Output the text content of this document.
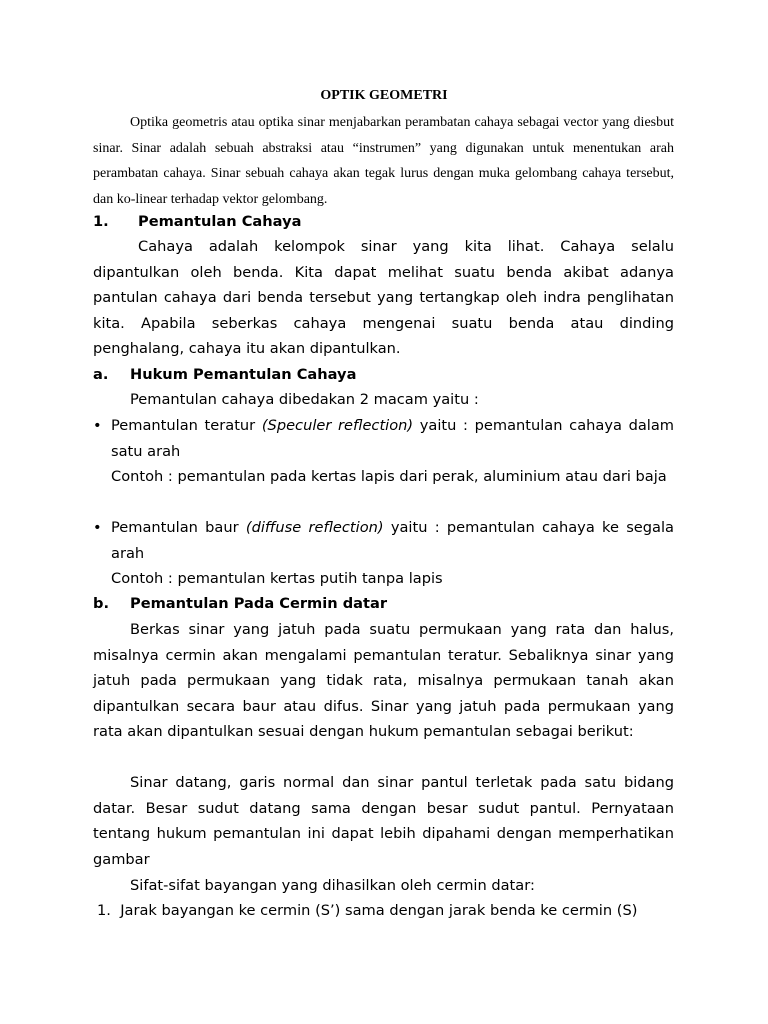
OPTIK GEOMETRI
Optika geometris atau optika sinar menjabarkan perambatan cahaya sebagai vector yang diesbut sinar. Sinar adalah sebuah abstraksi atau “instrumen” yang digunakan untuk menentukan arah perambatan cahaya. Sinar sebuah cahaya akan tegak lurus dengan muka gelombang cahaya tersebut, dan ko-linear terhadap vektor gelombang.
1. Pemantulan Cahaya
Cahaya adalah kelompok sinar yang kita lihat. Cahaya selalu dipantulkan oleh benda. Kita dapat melihat suatu benda akibat adanya pantulan cahaya dari benda tersebut yang tertangkap oleh indra penglihatan kita. Apabila seberkas cahaya mengenai suatu benda atau dinding penghalang, cahaya itu akan dipantulkan.
a. Hukum Pemantulan Cahaya
Pemantulan cahaya dibedakan 2 macam yaitu :
• Pemantulan teratur (Speculer reflection) yaitu : pemantulan cahaya dalam satu arah
Contoh : pemantulan pada kertas lapis dari perak, aluminium atau dari baja
• Pemantulan baur (diffuse reflection) yaitu : pemantulan cahaya ke segala arah
Contoh : pemantulan kertas putih tanpa lapis
b. Pemantulan Pada Cermin datar
Berkas sinar yang jatuh pada suatu permukaan yang rata dan halus, misalnya cermin akan mengalami pemantulan teratur. Sebaliknya sinar yang jatuh pada permukaan yang tidak rata, misalnya permukaan tanah akan dipantulkan secara baur atau difus. Sinar yang jatuh pada permukaan yang rata akan dipantulkan sesuai dengan hukum pemantulan sebagai berikut:
Sinar datang, garis normal dan sinar pantul terletak pada satu bidang datar. Besar sudut datang sama dengan besar sudut pantul. Pernyataan tentang hukum pemantulan ini dapat lebih dipahami dengan memperhatikan gambar
Sifat-sifat bayangan yang dihasilkan oleh cermin datar:
1.  Jarak bayangan ke cermin (S’) sama dengan jarak benda ke cermin (S)
